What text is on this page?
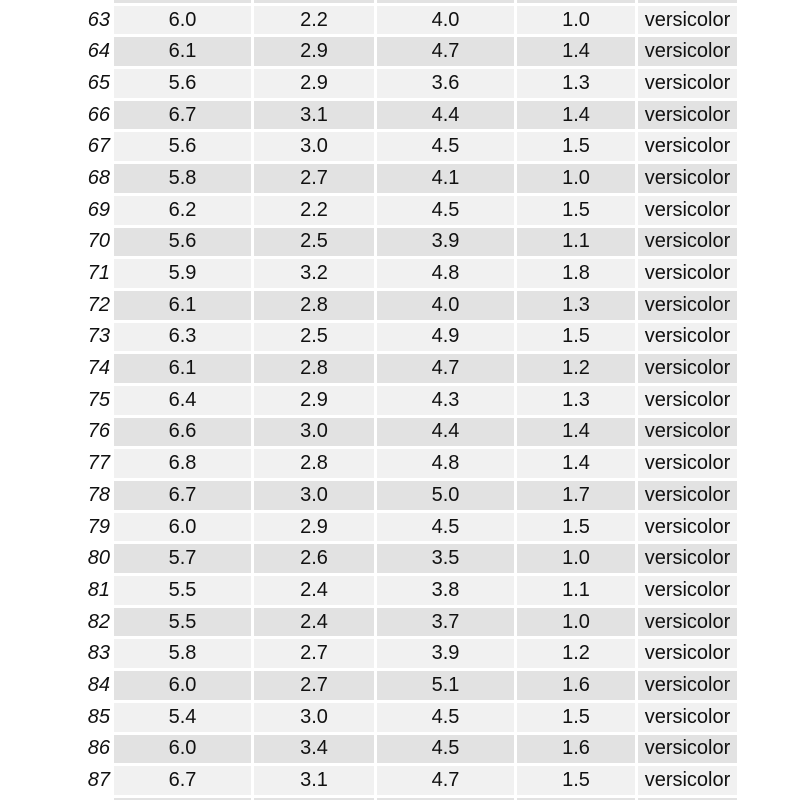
63	6.0	2.2	4.0	1.0	versicolor
64	6.1	2.9	4.7	1.4	versicolor
65	5.6	2.9	3.6	1.3	versicolor
66	6.7	3.1	4.4	1.4	versicolor
67	5.6	3.0	4.5	1.5	versicolor
68	5.8	2.7	4.1	1.0	versicolor
69	6.2	2.2	4.5	1.5	versicolor
70	5.6	2.5	3.9	1.1	versicolor
71	5.9	3.2	4.8	1.8	versicolor
72	6.1	2.8	4.0	1.3	versicolor
73	6.3	2.5	4.9	1.5	versicolor
74	6.1	2.8	4.7	1.2	versicolor
75	6.4	2.9	4.3	1.3	versicolor
76	6.6	3.0	4.4	1.4	versicolor
77	6.8	2.8	4.8	1.4	versicolor
78	6.7	3.0	5.0	1.7	versicolor
79	6.0	2.9	4.5	1.5	versicolor
80	5.7	2.6	3.5	1.0	versicolor
81	5.5	2.4	3.8	1.1	versicolor
82	5.5	2.4	3.7	1.0	versicolor
83	5.8	2.7	3.9	1.2	versicolor
84	6.0	2.7	5.1	1.6	versicolor
85	5.4	3.0	4.5	1.5	versicolor
86	6.0	3.4	4.5	1.6	versicolor
87	6.7	3.1	4.7	1.5	versicolor
